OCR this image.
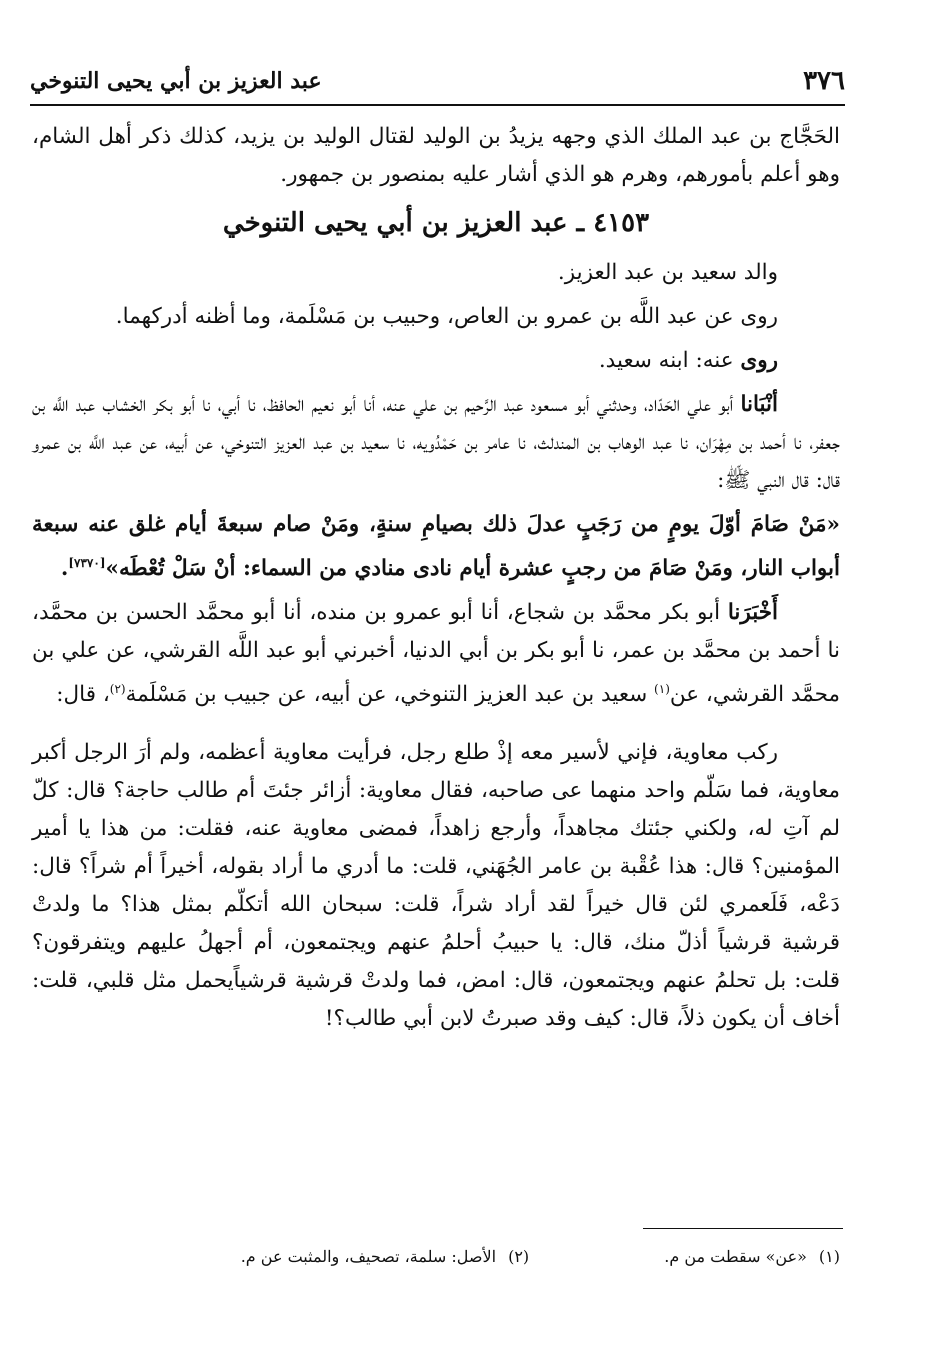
٣٧٦
عبد العزيز بن أبي يحيى التنوخي

الحَجَّاج بن عبد الملك الذي وجهه يزيدُ بن الوليد لقتال الوليد بن يزيد، كذلك ذكر أهل الشام، وهو أعلم بأمورهم، وهرم هو الذي أشار عليه بمنصور بن جمهور.

٤١٥٣ ـ عبد العزيز بن أبي يحيى التنوخي

والد سعيد بن عبد العزيز.

روى عن عبد اللَّه بن عمرو بن العاص، وحبيب بن مَسْلَمة، وما أظنه أدركهما.

روى عنه: ابنه سعيد.

أنْبَانا أبو علي الحَدّاد، وحدثني أبو مسعود عبد الرَّحيم بن علي عنه، أنا أبو نعيم الحافظ، نا أبي، نا أبو بكر الخشاب عبد اللَّه بن جعفر، نا أحمد بن مِهْرَان، نا عبد الوهاب بن المندلث، نا عامر بن حَمْدُويه، نا سعيد بن عبد العزيز التنوخي، عن أبيه، عن عبد اللَّه بن عمرو قال: قال النبي ﷺ:

«مَنْ صَامَ أوّلَ يومٍ من رَجَبٍ عدلَ ذلك بصيامِ سنةٍ، ومَنْ صام سبعةَ أيام غلق عنه سبعة أبواب النار، ومَنْ صَامَ من رجبٍ عشرة أيام نادى منادي من السماء: أنْ سَلْ تُعْطَه»[٧٣٧٠].

أَخْبَرَنا أبو بكر محمَّد بن شجاع، أنا أبو عمرو بن منده، أنا أبو محمَّد الحسن بن محمَّد، نا أحمد بن محمَّد بن عمر، نا أبو بكر بن أبي الدنيا، أخبرني أبو عبد اللَّه القرشي، عن علي بن محمَّد القرشي، عن$^{(١)}$ سعيد بن عبد العزيز التنوخي، عن أبيه، عن جبيب بن مَسْلَمة$^{(٢)}$، قال:

ركب معاوية، فإني لأسير معه إذْ طلع رجل، فرأيت معاوية أعظمه، ولم أرَ الرجل أكبر معاوية، فما سَلّم واحد منهما عى صاحبه، فقال معاوية: أزائر جئتَ أم طالب حاجة؟ قال: كلّ لم آتِ له، ولكني جئتك مجاهداً، وأرجع زاهداً، فمضى معاوية عنه، فقلت: من هذا يا أمير المؤمنين؟ قال: هذا عُقْبة بن عامر الجُهَني، قلت: ما أدري ما أراد بقوله، أخيراً أم شراً؟ قال: دَعْه، فَلَعمري لئن قال خيراً لقد أراد شراً، قلت: سبحان الله أتكلّم بمثل هذا؟ ما ولدتْ قرشية قرشياً أذلّ منك، قال: يا حبيبُ أحلمُ عنهم ويجتمعون، أم أجهلُ عليهم ويتفرقون؟ قلت: بل تحلمُ عنهم ويجتمعون، قال: امض، فما ولدتْ قرشية قرشياًيحمل مثل قلبي، قلت: أخاف أن يكون ذلاً، قال: كيف وقد صبرتُ لابن أبي طالب؟!

(١)«عن» سقطت من م. (٢)الأصل: سلمة، تصحيف، والمثبت عن م.
